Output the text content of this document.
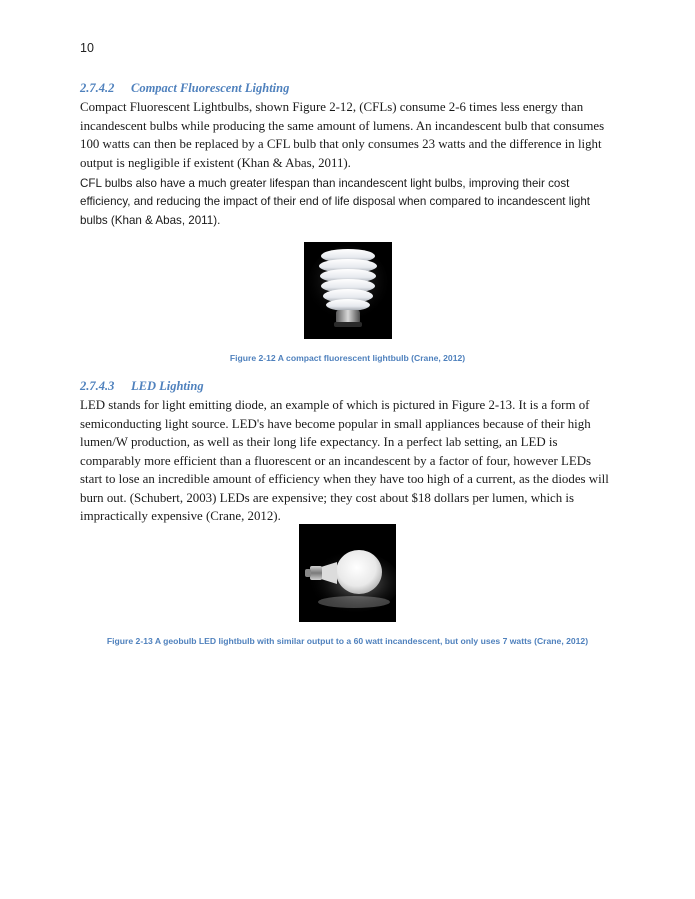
10
2.7.4.2 Compact Fluorescent Lighting

Compact Fluorescent Lightbulbs, shown Figure 2-12, (CFLs) consume 2-6 times less energy than incandescent bulbs while producing the same amount of lumens. An incandescent bulb that consumes 100 watts can then be replaced by a CFL bulb that only consumes 23 watts and the difference in light output is negligible if existent (Khan & Abas, 2011).

CFL bulbs also have a much greater lifespan than incandescent light bulbs, improving their cost efficiency, and reducing the impact of their end of life disposal when compared to incandescent light bulbs (Khan & Abas, 2011).

Figure 2-12 A compact fluorescent lightbulb (Crane, 2012)
2.7.4.3 LED Lighting

LED stands for light emitting diode, an example of which is pictured in Figure 2-13. It is a form of semiconducting light source. LED's have become popular in small appliances because of their high lumen/W production, as well as their long life expectancy. In a perfect lab setting, an LED is comparably more efficient than a fluorescent or an incandescent by a factor of four, however LEDs start to lose an incredible amount of efficiency when they have too high of a current, as the diodes will burn out. (Schubert, 2003) LEDs are expensive; they cost about $18 dollars per lumen, which is impractically expensive (Crane, 2012).

Figure 2-13 A geobulb LED lightbulb with similar output to a 60 watt incandescent, but only uses 7 watts (Crane, 2012)
